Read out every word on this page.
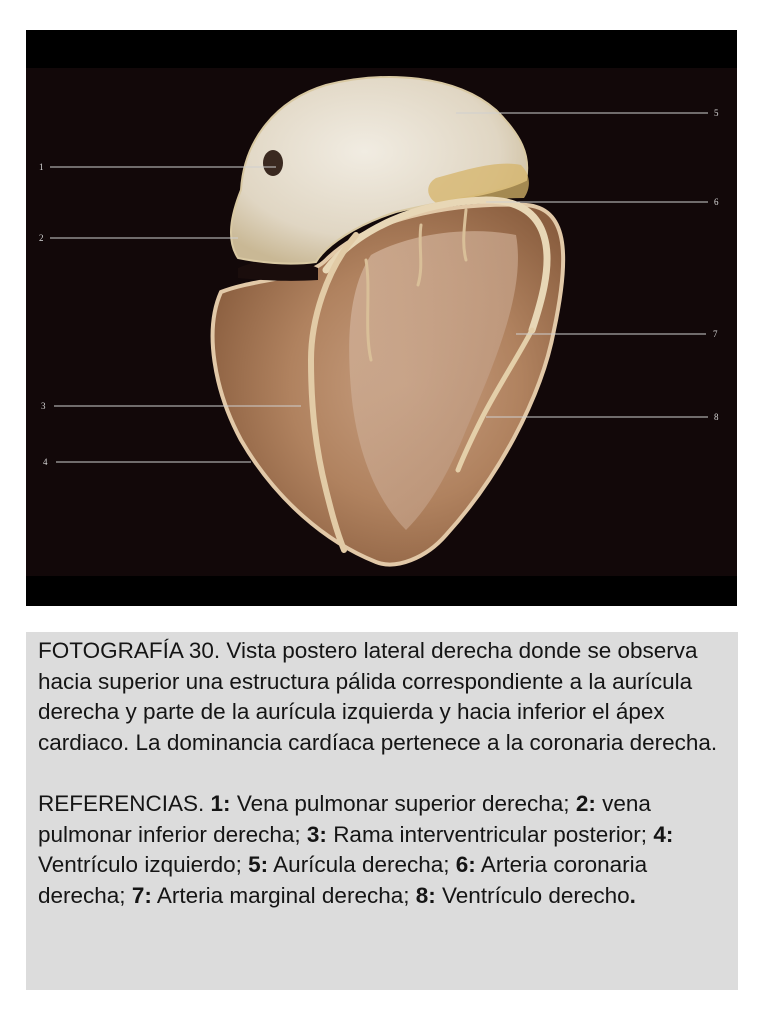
1
2
3
4
5
6
7
8

FOTOGRAFÍA 30. Vista postero lateral derecha donde se observa hacia superior una estructura pálida correspondiente a la aurícula derecha y parte de la aurícula izquierda y hacia inferior el ápex cardiaco. La dominancia cardíaca pertenece a la coronaria derecha.

REFERENCIAS. 1: Vena pulmonar superior derecha; 2: vena pulmonar inferior derecha; 3: Rama interventricular posterior; 4: Ventrículo izquierdo; 5: Aurícula derecha; 6: Arteria coronaria derecha; 7: Arteria marginal derecha; 8: Ventrículo derecho.
